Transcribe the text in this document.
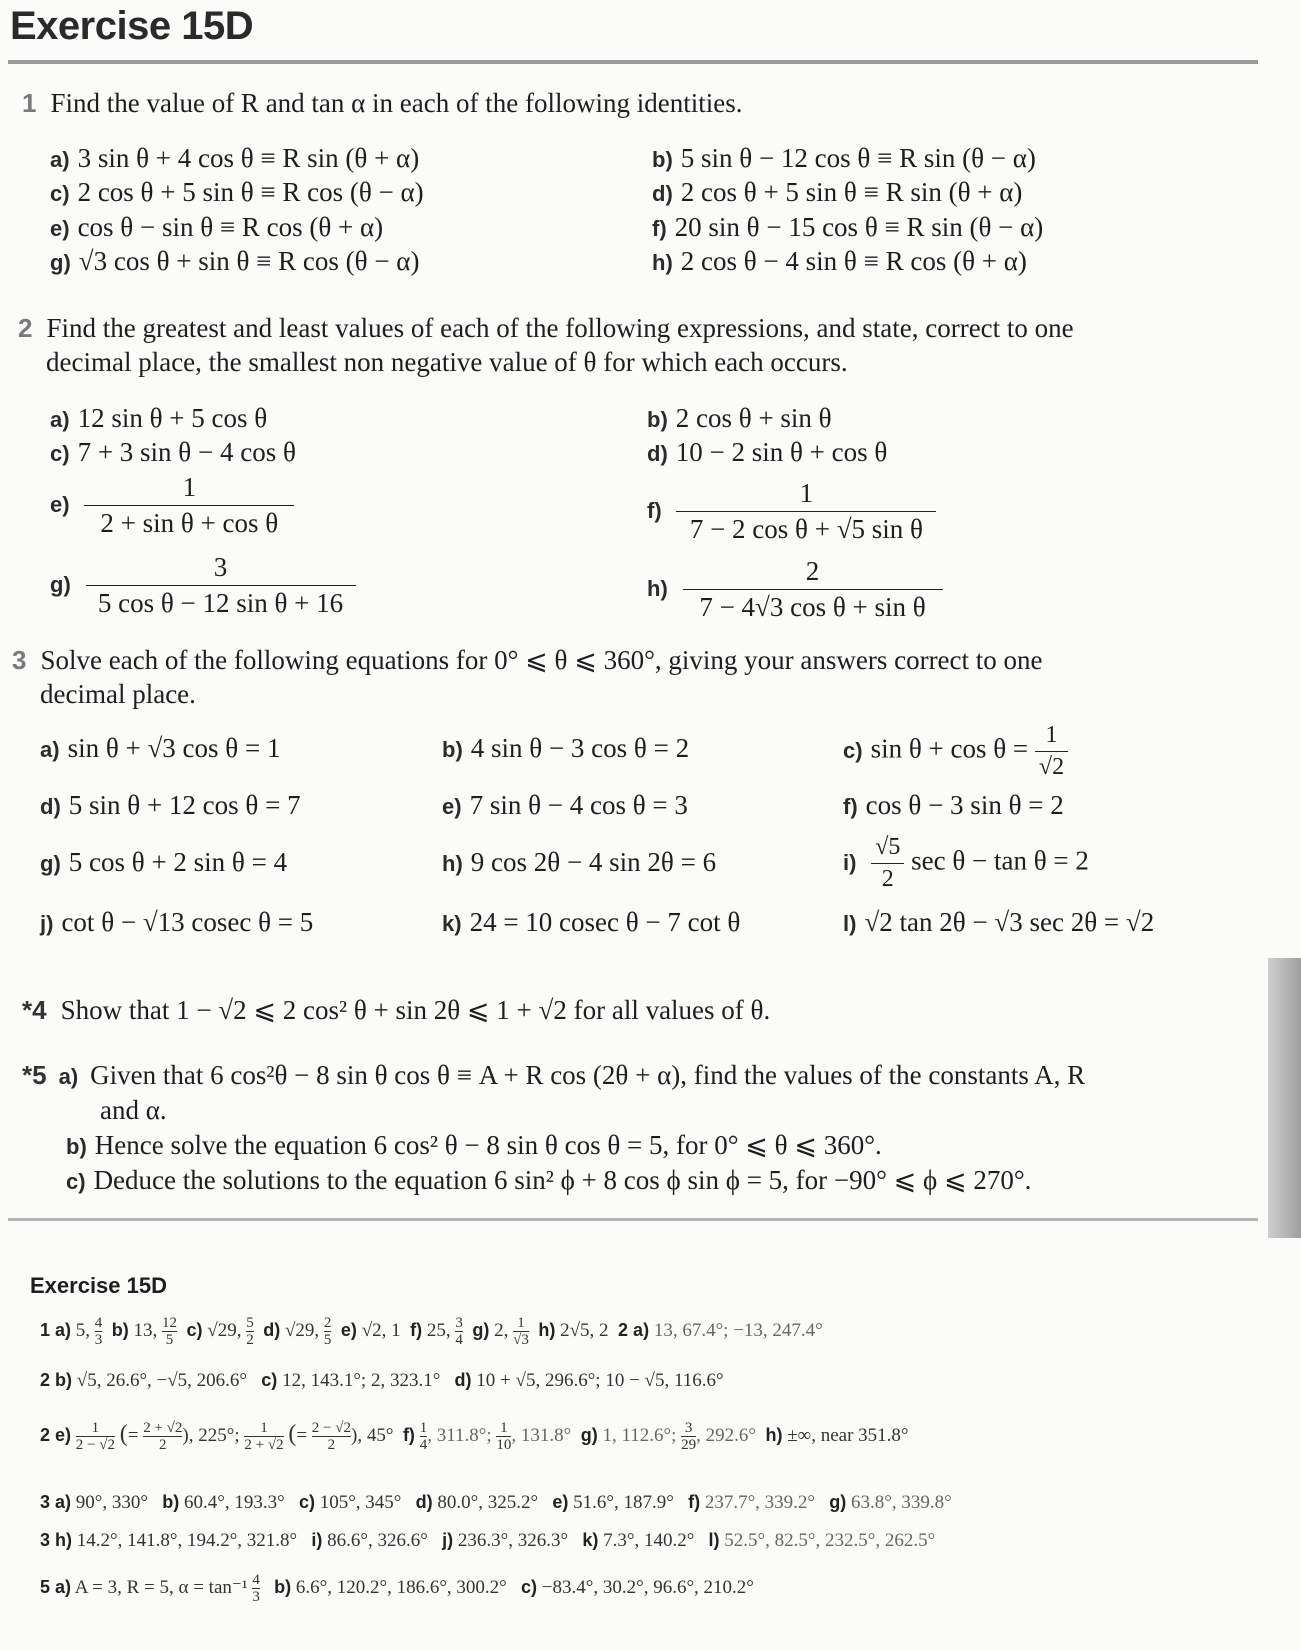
Exercise 15D
1 Find the value of R and tan α in each of the following identities.
a) 3 sin θ + 4 cos θ ≡ R sin (θ + α)	b) 5 sin θ − 12 cos θ ≡ R sin (θ − α)
c) 2 cos θ + 5 sin θ ≡ R cos (θ − α)	d) 2 cos θ + 5 sin θ ≡ R sin (θ + α)
e) cos θ − sin θ ≡ R cos (θ + α)	f) 20 sin θ − 15 cos θ ≡ R sin (θ − α)
g) √3 cos θ + sin θ ≡ R cos (θ − α)	h) 2 cos θ − 4 sin θ ≡ R cos (θ + α)
2 Find the greatest and least values of each of the following expressions, and state, correct to one
decimal place, the smallest non negative value of θ for which each occurs.
a) 12 sin θ + 5 cos θ	b) 2 cos θ + sin θ
c) 7 + 3 sin θ − 4 cos θ	d) 10 − 2 sin θ + cos θ
$e) \frac{1}{\text{2 + sin θ + cos θ}}$	$f) \frac{1}{\text{7 − 2 cos θ + √5 sin θ}}$
$g) \frac{3}{\text{5 cos θ − 12 sin θ + 16}}$	$h) \frac{2}{\text{7 − 4√3 cos θ + sin θ}}$
3 Solve each of the following equations for 0° ⩽ θ ⩽ 360°, giving your answers correct to one
decimal place.
a) sin θ + √3 cos θ = 1	b) 4 sin θ − 3 cos θ = 2	c) $\sin \theta + \cos \theta = \frac{1}{√2}$
d) 5 sin θ + 12 cos θ = 7	e) 7 sin θ − 4 cos θ = 3	f) cos θ − 3 sin θ = 2
g) 5 cos θ + 2 sin θ = 4	h) 9 cos 2θ − 4 sin 2θ = 6	$i) \frac{√5}{2}$ sec θ − tan θ = 2
j) cot θ − √13 cosec θ = 5	k) 24 = 10 cosec θ − 7 cot θ	l) √2 tan 2θ − √3 sec 2θ = √2
*4 Show that 1 − √2 ⩽ 2 cos² θ + sin 2θ ⩽ 1 + √2 for all values of θ.
*5 a) Given that 6 cos²θ − 8 sin θ cos θ ≡ A + R cos (2θ + α), find the values of the constants A, R
and α.
b) Hence solve the equation 6 cos² θ − 8 sin θ cos θ = 5, for 0° ⩽ θ ⩽ 360°.
c) Deduce the solutions to the equation 6 sin² ϕ + 8 cos ϕ sin ϕ = 5, for −90° ⩽ ϕ ⩽ 270°.
Exercise 15D
1 a) 5, $\frac{4}{3} b$) 13, $\frac{12}{5} c$) √29, $\frac{5}{2} d$) √29, $\frac{2}{5} e$) √2, 1 f) 25, $\frac{3}{4} g$) 2, $\frac{1}{√3} h$) 2√5, 2 2 a) 13, 67.4°; −13, 247.4°
2 b) √5, 26.6°, −√5, 206.6° c) 12, 143.1°; 2, 323.1° d) 10 + √5, 296.6°; 10 − √5, 116.6°
2 $e) \frac{1}{2 - √2}$ (= $\frac{2 + √2}{2}$ ), 225°; $\frac{1}{2 + √2}$ (= $\frac{2 - √2}{2}$ ), 45° $f) \frac{1}{4}$ , 311.8°; $\frac{1}{10}$ , 131.8° g) 1, 112.6°; $\frac{3}{29}$ , 292.6° h) ±∞, near 351.8°
3 a) 90°, 330° b) 60.4°, 193.3° c) 105°, 345° d) 80.0°, 325.2° e) 51.6°, 187.9° f) 237.7°, 339.2° g) 63.8°, 339.8°
3 h) 14.2°, 141.8°, 194.2°, 321.8° i) 86.6°, 326.6° j) 236.3°, 326.3° k) 7.3°, 140.2° l) 52.5°, 82.5°, 232.5°, 262.5°
5 a) A = 3, R = 5, $\alpha = \tan^{-1} \frac{4}{3} b$) 6.6°, 120.2°, 186.6°, 300.2° c) −83.4°, 30.2°, 96.6°, 210.2°
